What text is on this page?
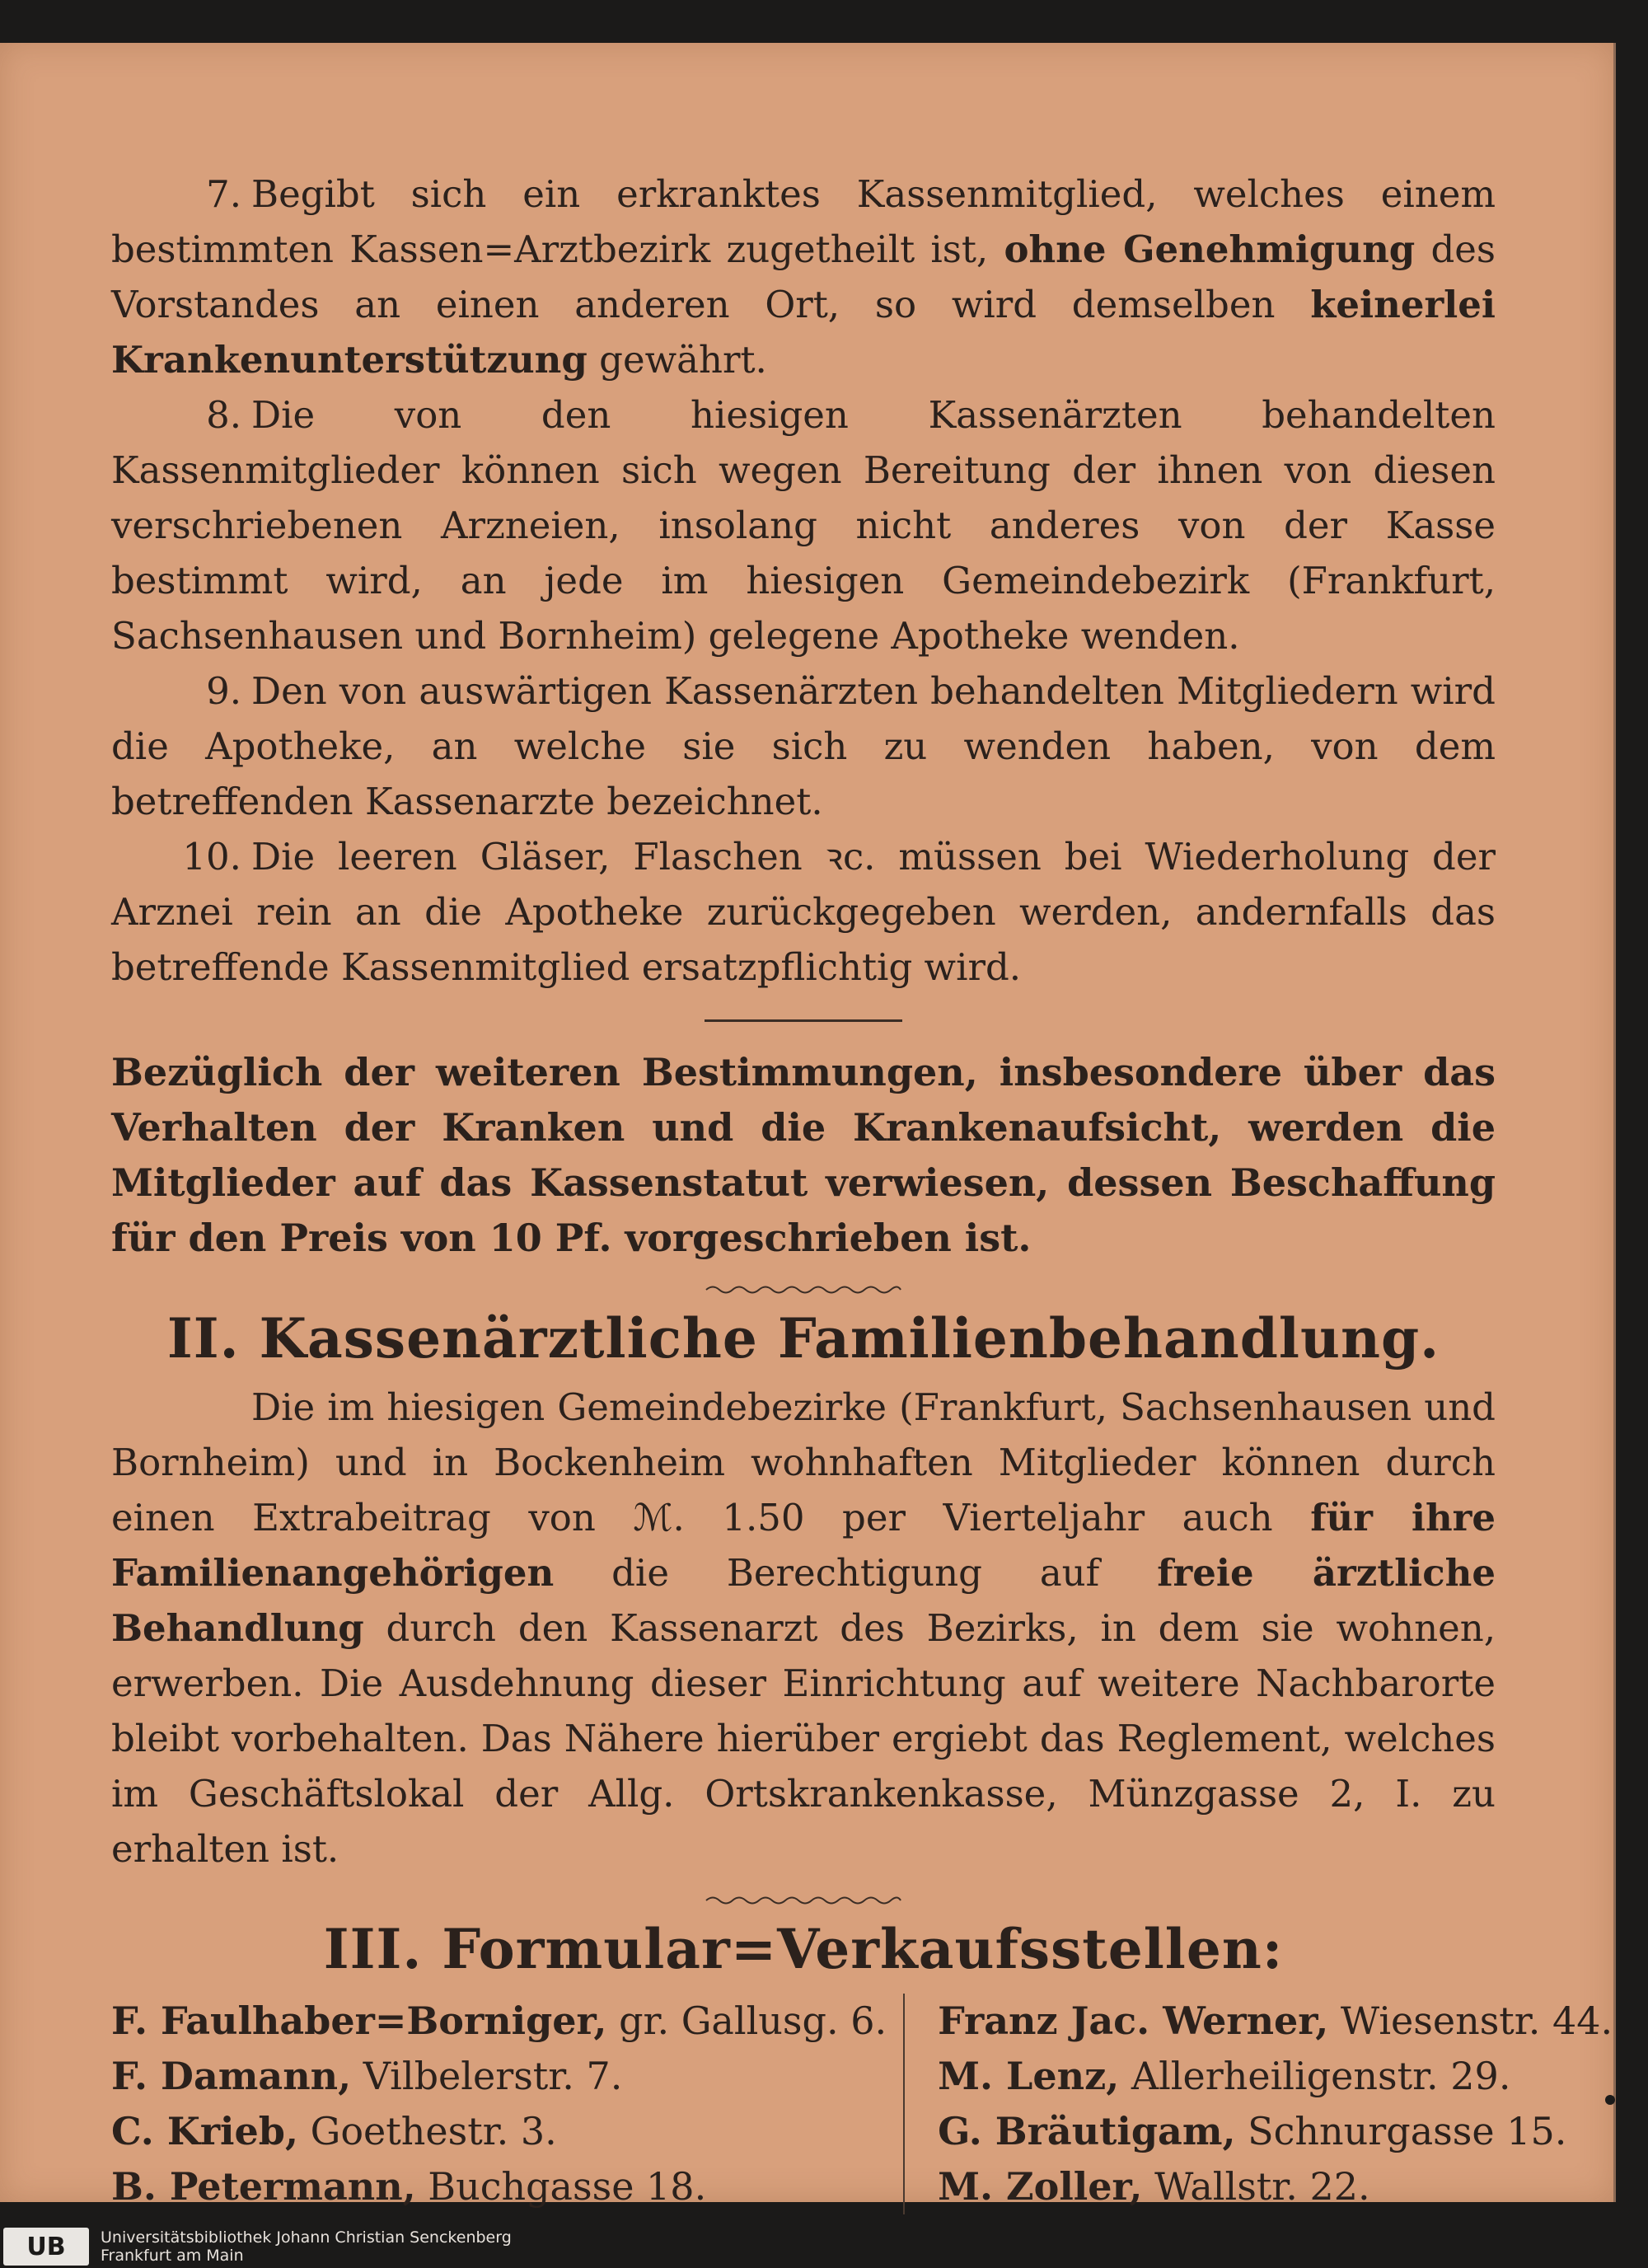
7. Begibt sich ein erkranktes Kassenmitglied, welches einem bestimmten Kassen=Arztbezirk zugetheilt ist, ohne Genehmigung des Vorstandes an einen anderen Ort, so wird demselben keinerlei Krankenunterstützung gewährt.

8. Die von den hiesigen Kassenärzten behandelten Kassenmitglieder können sich wegen Bereitung der ihnen von diesen verschriebenen Arzneien, insolang nicht anderes von der Kasse bestimmt wird, an jede im hiesigen Gemeindebezirk (Frankfurt, Sachsenhausen und Bornheim) gelegene Apotheke wenden.

9. Den von auswärtigen Kassenärzten behandelten Mitgliedern wird die Apotheke, an welche sie sich zu wenden haben, von dem betreffenden Kassenarzte bezeichnet.

10. Die leeren Gläser, Flaschen ꝛc. müssen bei Wiederholung der Arznei rein an die Apotheke zurückgegeben werden, andernfalls das betreffende Kassenmitglied ersatzpflichtig wird.

Bezüglich der weiteren Bestimmungen, insbesondere über das Verhalten der Kranken und die Krankenaufsicht, werden die Mitglieder auf das Kassenstatut verwiesen, dessen Beschaffung für den Preis von 10 Pf. vorgeschrieben ist.

II. Kassenärztliche Familienbehandlung.

Die im hiesigen Gemeindebezirke (Frankfurt, Sachsenhausen und Bornheim) und in Bockenheim wohnhaften Mitglieder können durch einen Extrabeitrag von ℳ. 1.50 per Vierteljahr auch für ihre Familienangehörigen die Berechtigung auf freie ärztliche Behandlung durch den Kassenarzt des Bezirks, in dem sie wohnen, erwerben. Die Ausdehnung dieser Einrichtung auf weitere Nachbarorte bleibt vorbehalten. Das Nähere hierüber ergiebt das Reglement, welches im Geschäftslokal der Allg. Ortskrankenkasse, Münzgasse 2, I. zu erhalten ist.

III. Formular=Verkaufsstellen:
F. Faulhaber=Borniger, gr. Gallusg. 6.
F. Damann, Vilbelerstr. 7.
C. Krieb, Goethestr. 3.
B. Petermann, Buchgasse 18.
Franz Jac. Werner, Wiesenstr. 44.
M. Lenz, Allerheiligenstr. 29.
G. Bräutigam, Schnurgasse 15.
M. Zoller, Wallstr. 22.
UB	Universitätsbibliothek Johann Christian Senckenberg
Frankfurt am Main
